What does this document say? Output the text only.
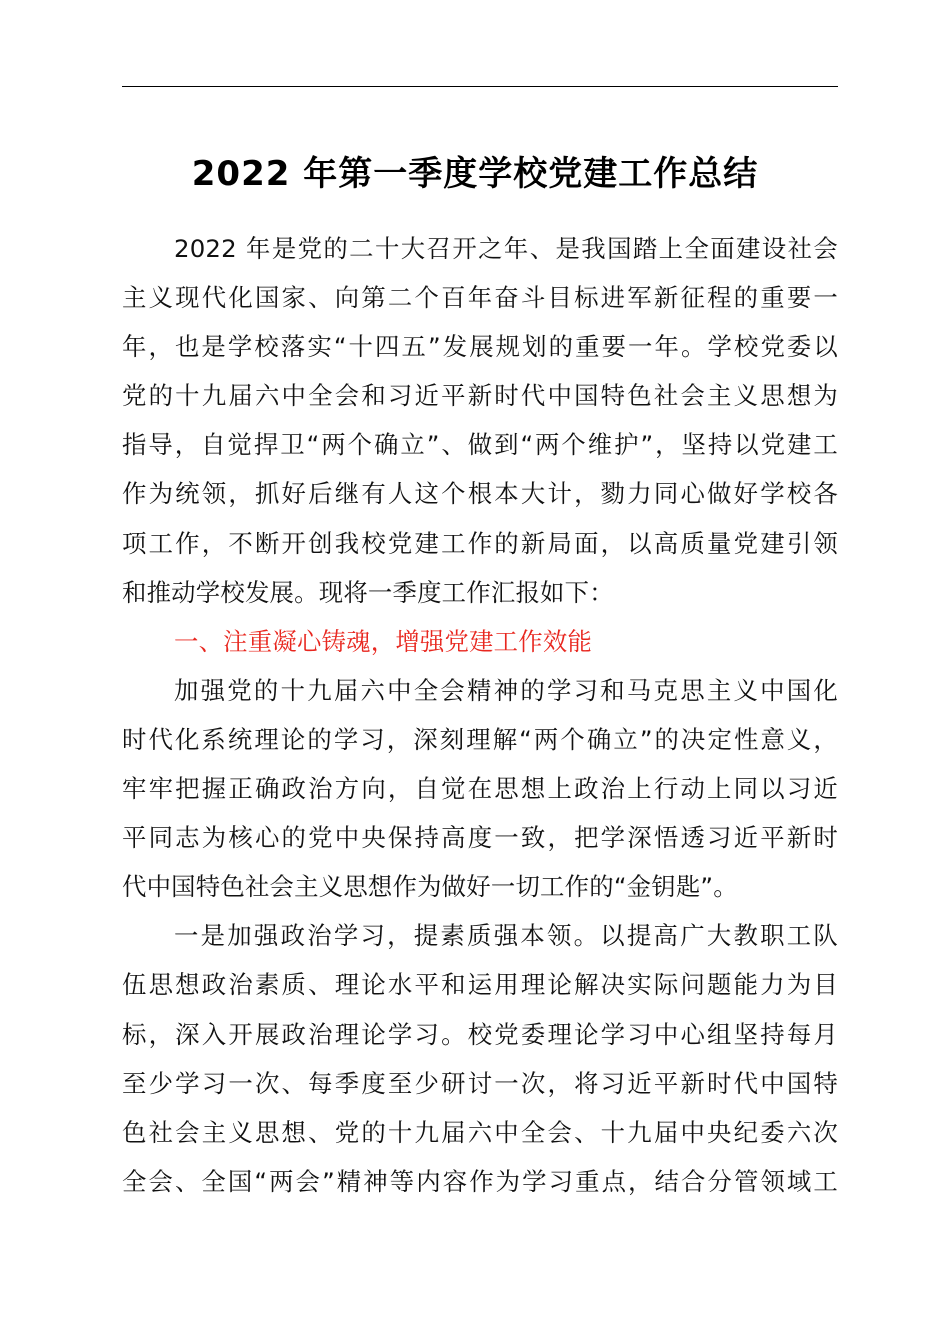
2022 年第一季度学校党建工作总结
2022 年是党的二十大召开之年、是我国踏上全面建设社会
主义现代化国家、向第二个百年奋斗目标进军新征程的重要一
年，也是学校落实“十四五”发展规划的重要一年。学校党委以
党的十九届六中全会和习近平新时代中国特色社会主义思想为
指导，自觉捍卫“两个确立”、做到“两个维护”，坚持以党建工
作为统领，抓好后继有人这个根本大计，勠力同心做好学校各
项工作，不断开创我校党建工作的新局面，以高质量党建引领
和推动学校发展。现将一季度工作汇报如下：
一、注重凝心铸魂，增强党建工作效能
加强党的十九届六中全会精神的学习和马克思主义中国化
时代化系统理论的学习，深刻理解“两个确立”的决定性意义，
牢牢把握正确政治方向，自觉在思想上政治上行动上同以习近
平同志为核心的党中央保持高度一致，把学深悟透习近平新时
代中国特色社会主义思想作为做好一切工作的“金钥匙”。
一是加强政治学习，提素质强本领。以提高广大教职工队
伍思想政治素质、理论水平和运用理论解决实际问题能力为目
标，深入开展政治理论学习。校党委理论学习中心组坚持每月
至少学习一次、每季度至少研讨一次，将习近平新时代中国特
色社会主义思想、党的十九届六中全会、十九届中央纪委六次
全会、全国“两会”精神等内容作为学习重点，结合分管领域工
